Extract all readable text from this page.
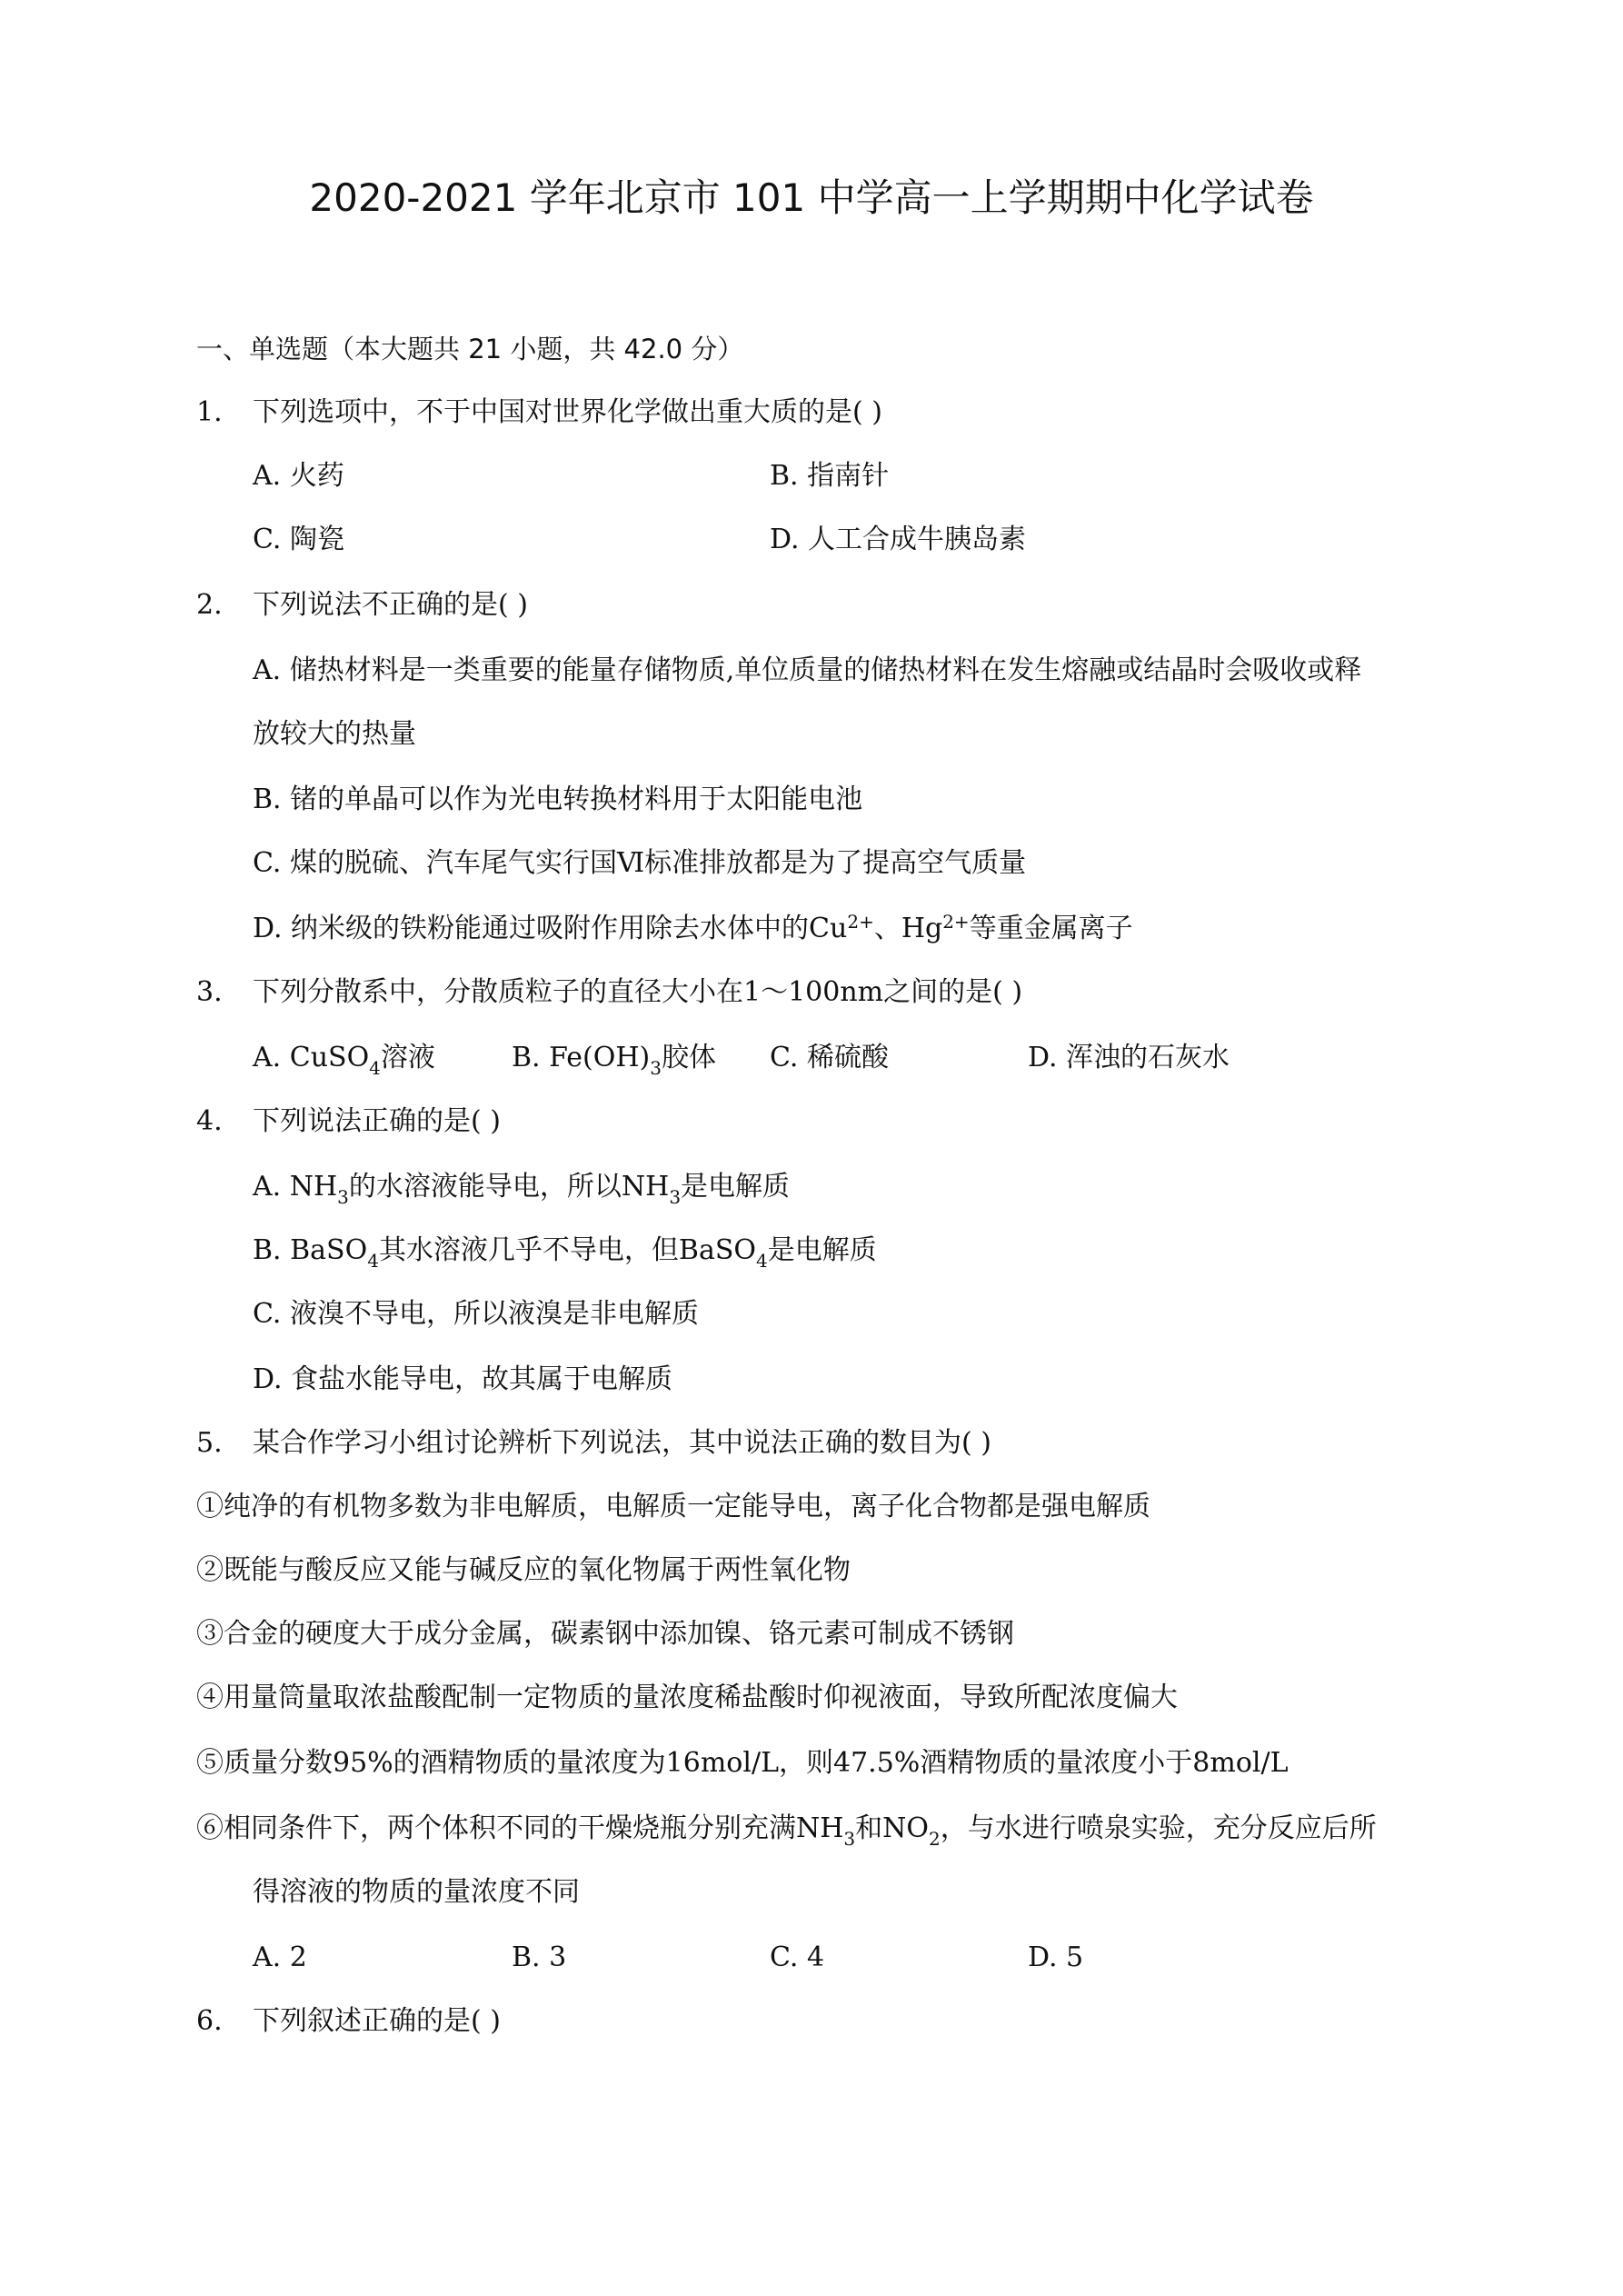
2020-2021 学年北京市 101 中学高一上学期期中化学试卷
一、单选题（本大题共 21 小题，共 42.0 分）
1. 下列选项中，不于中国对世界化学做出重大质的是( )
A. 火药	B. 指南针
C. 陶瓷	D. 人工合成牛胰岛素
2. 下列说法不正确的是( )
A. 储热材料是一类重要的能量存储物质,单位质量的储热材料在发生熔融或结晶时会吸收或释
放较大的热量
B. 锗的单晶可以作为光电转换材料用于太阳能电池
C. 煤的脱硫、汽车尾气实行国Ⅵ标准排放都是为了提高空气质量
D. 纳米级的铁粉能通过吸附作用除去水体中的$Cu^{2+}$、$Hg^{2+}$等重金属离子
3. 下列分散系中，分散质粒子的直径大小在1～100nm之间的是( )
A. CuSO$_4$溶液	B. $Fe(OH)_3$胶体 C. 稀硫酸	D. 浑浊的石灰水
4. 下列说法正确的是( )
A. $NH_3$的水溶液能导电，所以$NH_3$是电解质
B. BaSO$_4$其水溶液几乎不导电，但BaSO$_4$是电解质
C. 液溴不导电，所以液溴是非电解质
D. 食盐水能导电，故其属于电解质
5. 某合作学习小组讨论辨析下列说法，其中说法正确的数目为( )
①纯净的有机物多数为非电解质，电解质一定能导电，离子化合物都是强电解质
②既能与酸反应又能与碱反应的氧化物属于两性氧化物
③合金的硬度大于成分金属，碳素钢中添加镍、铬元素可制成不锈钢
④用量筒量取浓盐酸配制一定物质的量浓度稀盐酸时仰视液面，导致所配浓度偏大
⑤质量分数95%的酒精物质的量浓度为16mol/L，则47.5%酒精物质的量浓度小于8mol/L
⑥相同条件下，两个体积不同的干燥烧瓶分别充满$NH_3$和$NO_2$，与水进行喷泉实验，充分反应后所
得溶液的物质的量浓度不同
A. 2	B. 3	C. 4	D. 5
6. 下列叙述正确的是( )
